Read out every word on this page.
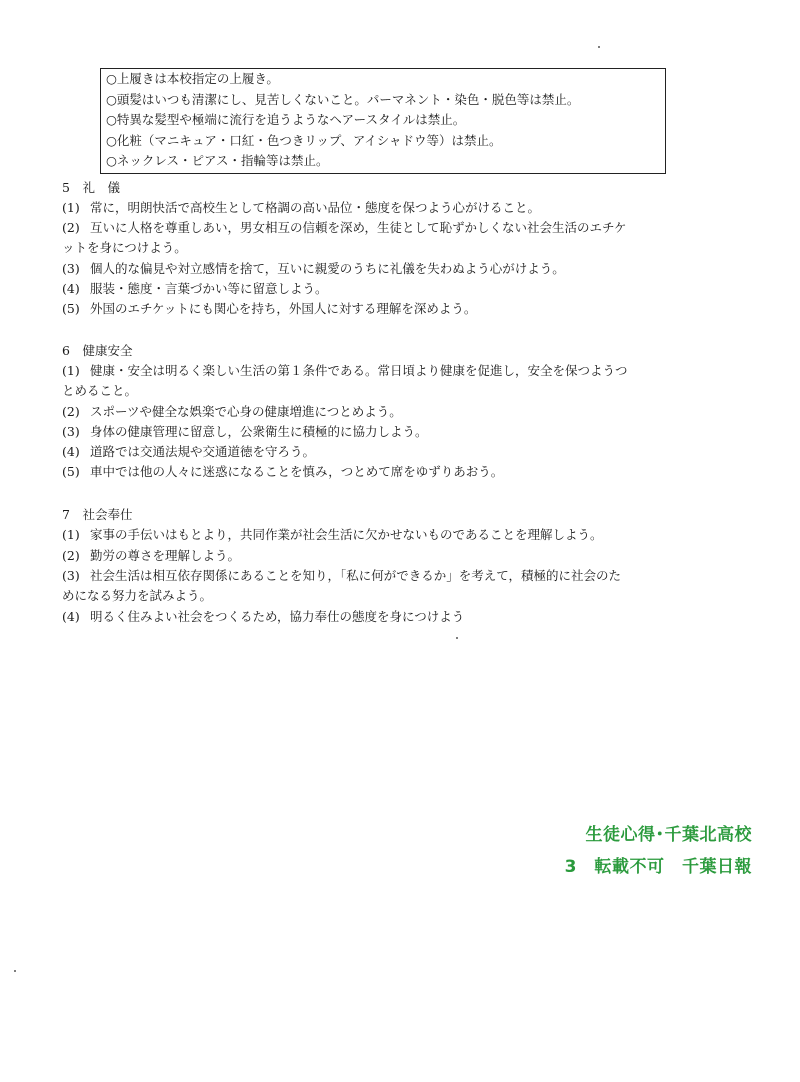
○上履きは本校指定の上履き。
○頭髪はいつも清潔にし、見苦しくないこと。パーマネント・染色・脱色等は禁止。
○特異な髪型や極端に流行を追うようなヘアースタイルは禁止。
○化粧（マニキュア・口紅・色つきリップ、アイシャドウ等）は禁止。
○ネックレス・ピアス・指輪等は禁止。
5　礼　儀
(1) 常に，明朗快活で高校生として格調の高い品位・態度を保つよう心がけること。
(2) 互いに人格を尊重しあい，男女相互の信頼を深め，生徒として恥ずかしくない社会生活のエチケ
ットを身につけよう。
(3) 個人的な偏見や対立感情を捨て，互いに親愛のうちに礼儀を失わぬよう心がけよう。
(4) 服装・態度・言葉づかい等に留意しよう。
(5) 外国のエチケットにも関心を持ち，外国人に対する理解を深めよう。
6　健康安全
(1) 健康・安全は明るく楽しい生活の第１条件である。常日頃より健康を促進し，安全を保つようつ
とめること。
(2) スポーツや健全な娯楽で心身の健康増進につとめよう。
(3) 身体の健康管理に留意し，公衆衛生に積極的に協力しよう。
(4) 道路では交通法規や交通道徳を守ろう。
(5) 車中では他の人々に迷惑になることを慎み，つとめて席をゆずりあおう。
7　社会奉仕
(1) 家事の手伝いはもとより，共同作業が社会生活に欠かせないものであることを理解しよう。
(2) 勤労の尊さを理解しよう。
(3) 社会生活は相互依存関係にあることを知り，「私に何ができるか」を考えて，積極的に社会のた
めになる努力を試みよう。
(4) 明るく住みよい社会をつくるため，協力奉仕の態度を身につけよう
生徒心得･千葉北高校
3　転載不可　千葉日報
